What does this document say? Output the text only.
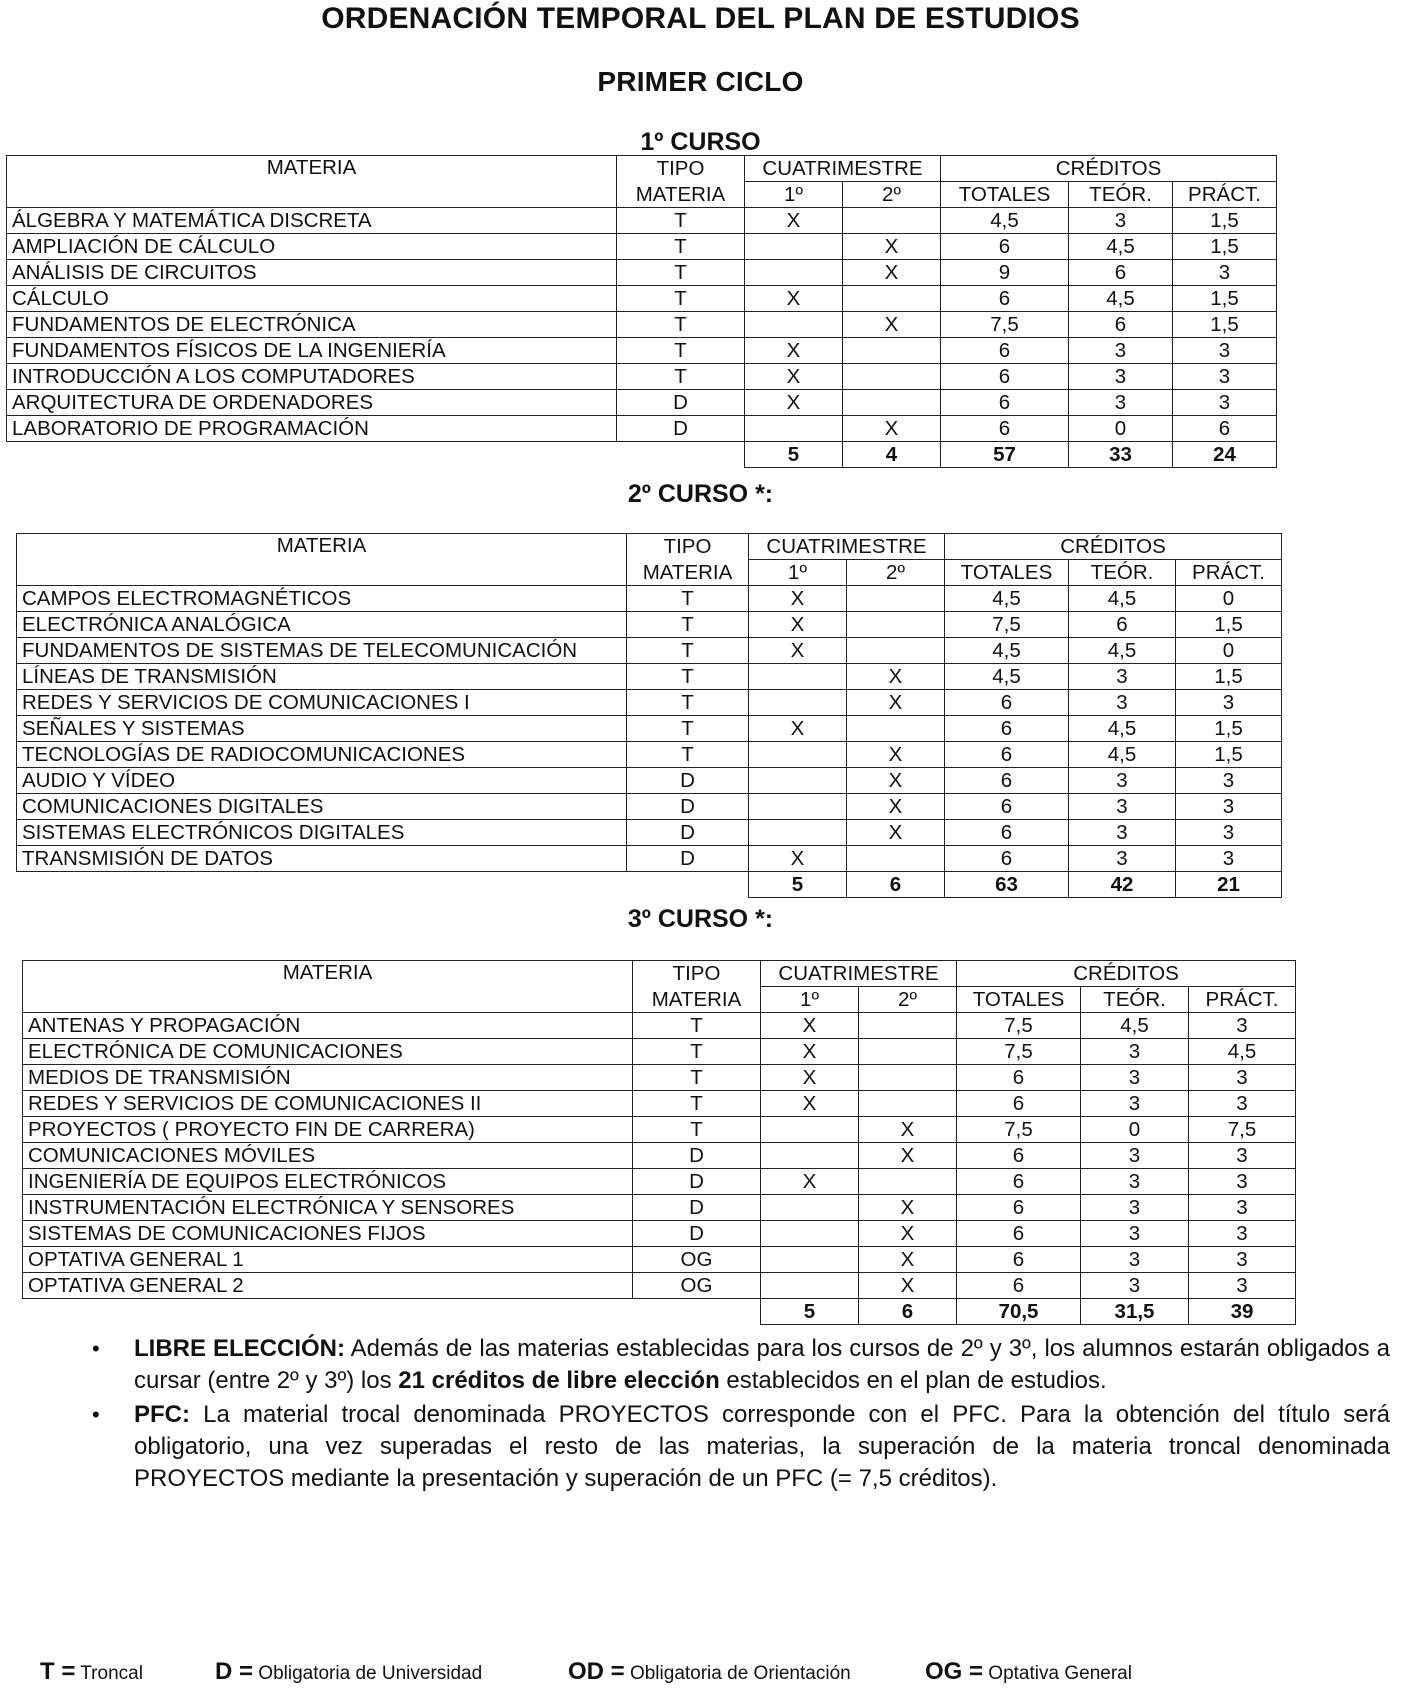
ORDENACIÓN TEMPORAL DEL PLAN DE ESTUDIOS
PRIMER CICLO
1º CURSO
MATERIA	TIPO	CUATRIMESTRE		CRÉDITOS		
	MATERIA	1º	2º	TOTALES	TEÓR.	PRÁCT.
ÁLGEBRA Y MATEMÁTICA DISCRETA	T	X		4,5	3	1,5
AMPLIACIÓN DE CÁLCULO	T		X	6	4,5	1,5
ANÁLISIS DE CIRCUITOS	T		X	9	6	3
CÁLCULO	T	X		6	4,5	1,5
FUNDAMENTOS DE ELECTRÓNICA	T		X	7,5	6	1,5
FUNDAMENTOS FÍSICOS DE LA INGENIERÍA	T	X		6	3	3
INTRODUCCIÓN A LOS COMPUTADORES	T	X		6	3	3
ARQUITECTURA DE ORDENADORES	D	X		6	3	3
LABORATORIO DE PROGRAMACIÓN	D		X	6	0	6
		5	4	57	33	24
2º CURSO *:
MATERIA	TIPO	CUATRIMESTRE		CRÉDITOS		
	MATERIA	1º	2º	TOTALES	TEÓR.	PRÁCT.
CAMPOS ELECTROMAGNÉTICOS	T	X		4,5	4,5	0
ELECTRÓNICA ANALÓGICA	T	X		7,5	6	1,5
FUNDAMENTOS DE SISTEMAS DE TELECOMUNICACIÓN	T	X		4,5	4,5	0
LÍNEAS DE TRANSMISIÓN	T		X	4,5	3	1,5
REDES Y SERVICIOS DE COMUNICACIONES I	T		X	6	3	3
SEÑALES Y SISTEMAS	T	X		6	4,5	1,5
TECNOLOGÍAS DE RADIOCOMUNICACIONES	T		X	6	4,5	1,5
AUDIO Y VÍDEO	D		X	6	3	3
COMUNICACIONES DIGITALES	D		X	6	3	3
SISTEMAS ELECTRÓNICOS DIGITALES	D		X	6	3	3
TRANSMISIÓN DE DATOS	D	X		6	3	3
		5	6	63	42	21
3º CURSO *:
MATERIA	TIPO	CUATRIMESTRE		CRÉDITOS		
	MATERIA	1º	2º	TOTALES	TEÓR.	PRÁCT.
ANTENAS Y PROPAGACIÓN	T	X		7,5	4,5	3
ELECTRÓNICA DE COMUNICACIONES	T	X		7,5	3	4,5
MEDIOS DE TRANSMISIÓN	T	X		6	3	3
REDES Y SERVICIOS DE COMUNICACIONES II	T	X		6	3	3
PROYECTOS ( PROYECTO FIN DE CARRERA)	T		X	7,5	0	7,5
COMUNICACIONES MÓVILES	D		X	6	3	3
INGENIERÍA DE EQUIPOS ELECTRÓNICOS	D	X		6	3	3
INSTRUMENTACIÓN ELECTRÓNICA Y SENSORES	D		X	6	3	3
SISTEMAS DE COMUNICACIONES FIJOS	D		X	6	3	3
OPTATIVA GENERAL 1	OG		X	6	3	3
OPTATIVA GENERAL 2	OG		X	6	3	3
		5	6	70,5	31,5	39
• LIBRE ELECCIÓN: Además de las materias establecidas para los cursos de 2º y 3º, los alumnos estarán obligados a cursar (entre 2º y 3º) los 21 créditos de libre elección establecidos en el plan de estudios.
• PFC: La material trocal denominada PROYECTOS corresponde con el PFC. Para la obtención del título será obligatorio, una vez superadas el resto de las materias, la superación de la materia troncal denominada PROYECTOS mediante la presentación y superación de un PFC (= 7,5 créditos).
T = Troncal	D = Obligatoria de Universidad	OD = Obligatoria de Orientación	OG = Optativa General
